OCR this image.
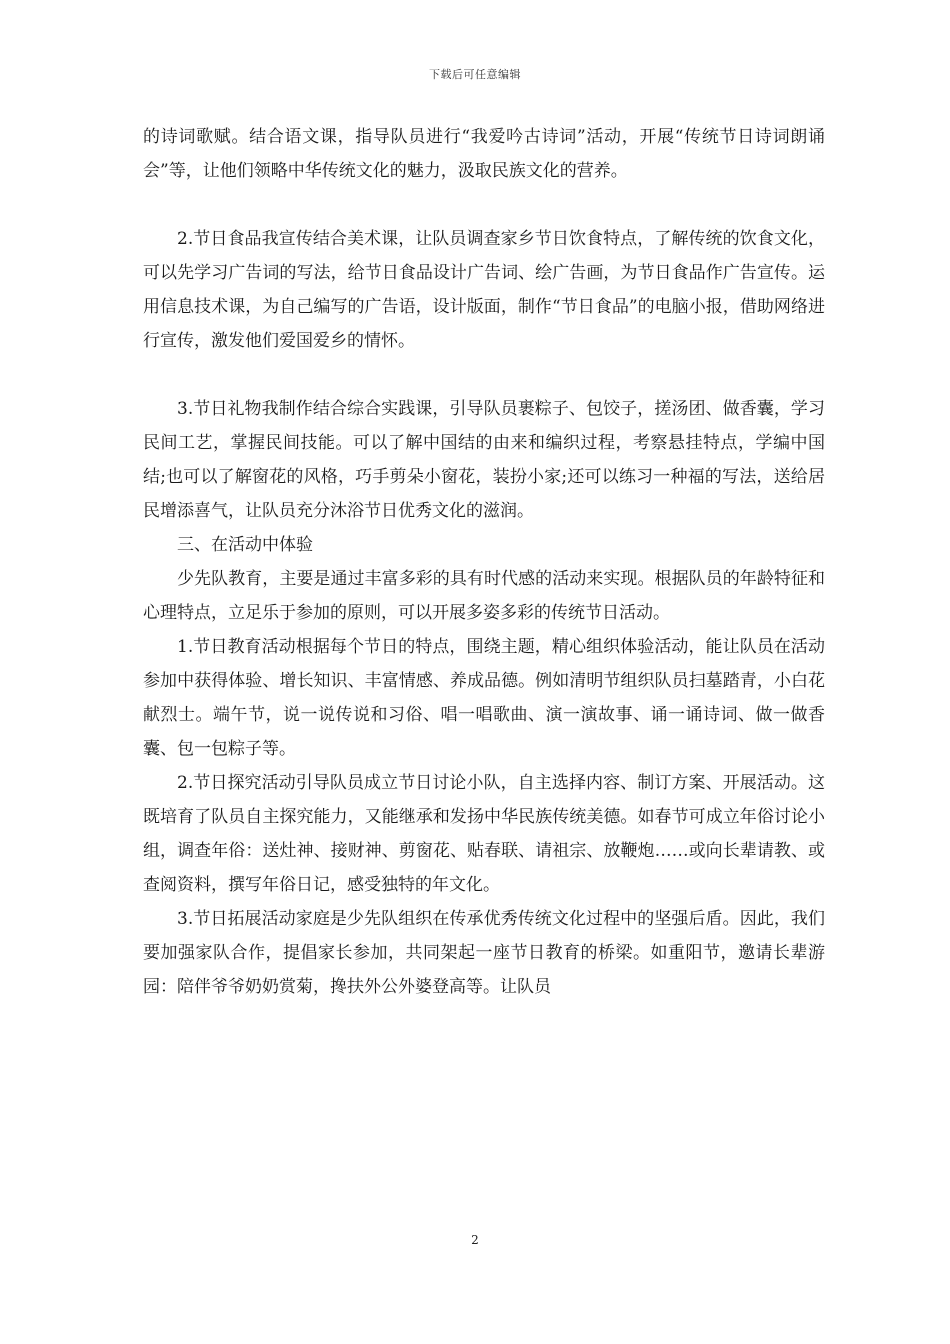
下载后可任意编辑

的诗词歌赋。结合语文课，指导队员进行“我爱吟古诗词”活动，开展“传统节日诗词朗诵会”等，让他们领略中华传统文化的魅力，汲取民族文化的营养。

2.节日食品我宣传结合美术课，让队员调查家乡节日饮食特点，了解传统的饮食文化，可以先学习广告词的写法，给节日食品设计广告词、绘广告画，为节日食品作广告宣传。运用信息技术课，为自己编写的广告语，设计版面，制作“节日食品”的电脑小报，借助网络进行宣传，激发他们爱国爱乡的情怀。

3.节日礼物我制作结合综合实践课，引导队员裹粽子、包饺子，搓汤团、做香囊，学习民间工艺，掌握民间技能。可以了解中国结的由来和编织过程，考察悬挂特点，学编中国结;也可以了解窗花的风格，巧手剪朵小窗花，装扮小家;还可以练习一种福的写法，送给居民增添喜气，让队员充分沐浴节日优秀文化的滋润。

三、在活动中体验

少先队教育，主要是通过丰富多彩的具有时代感的活动来实现。根据队员的年龄特征和心理特点，立足乐于参加的原则，可以开展多姿多彩的传统节日活动。

1.节日教育活动根据每个节日的特点，围绕主题，精心组织体验活动，能让队员在活动参加中获得体验、增长知识、丰富情感、养成品德。例如清明节组织队员扫墓踏青，小白花献烈士。端午节，说一说传说和习俗、唱一唱歌曲、演一演故事、诵一诵诗词、做一做香囊、包一包粽子等。

2.节日探究活动引导队员成立节日讨论小队，自主选择内容、制订方案、开展活动。这既培育了队员自主探究能力，又能继承和发扬中华民族传统美德。如春节可成立年俗讨论小组，调查年俗：送灶神、接财神、剪窗花、贴春联、请祖宗、放鞭炮……或向长辈请教、或查阅资料，撰写年俗日记，感受独特的年文化。

3.节日拓展活动家庭是少先队组织在传承优秀传统文化过程中的坚强后盾。因此，我们要加强家队合作，提倡家长参加，共同架起一座节日教育的桥梁。如重阳节，邀请长辈游园：陪伴爷爷奶奶赏菊，搀扶外公外婆登高等。让队员

2
